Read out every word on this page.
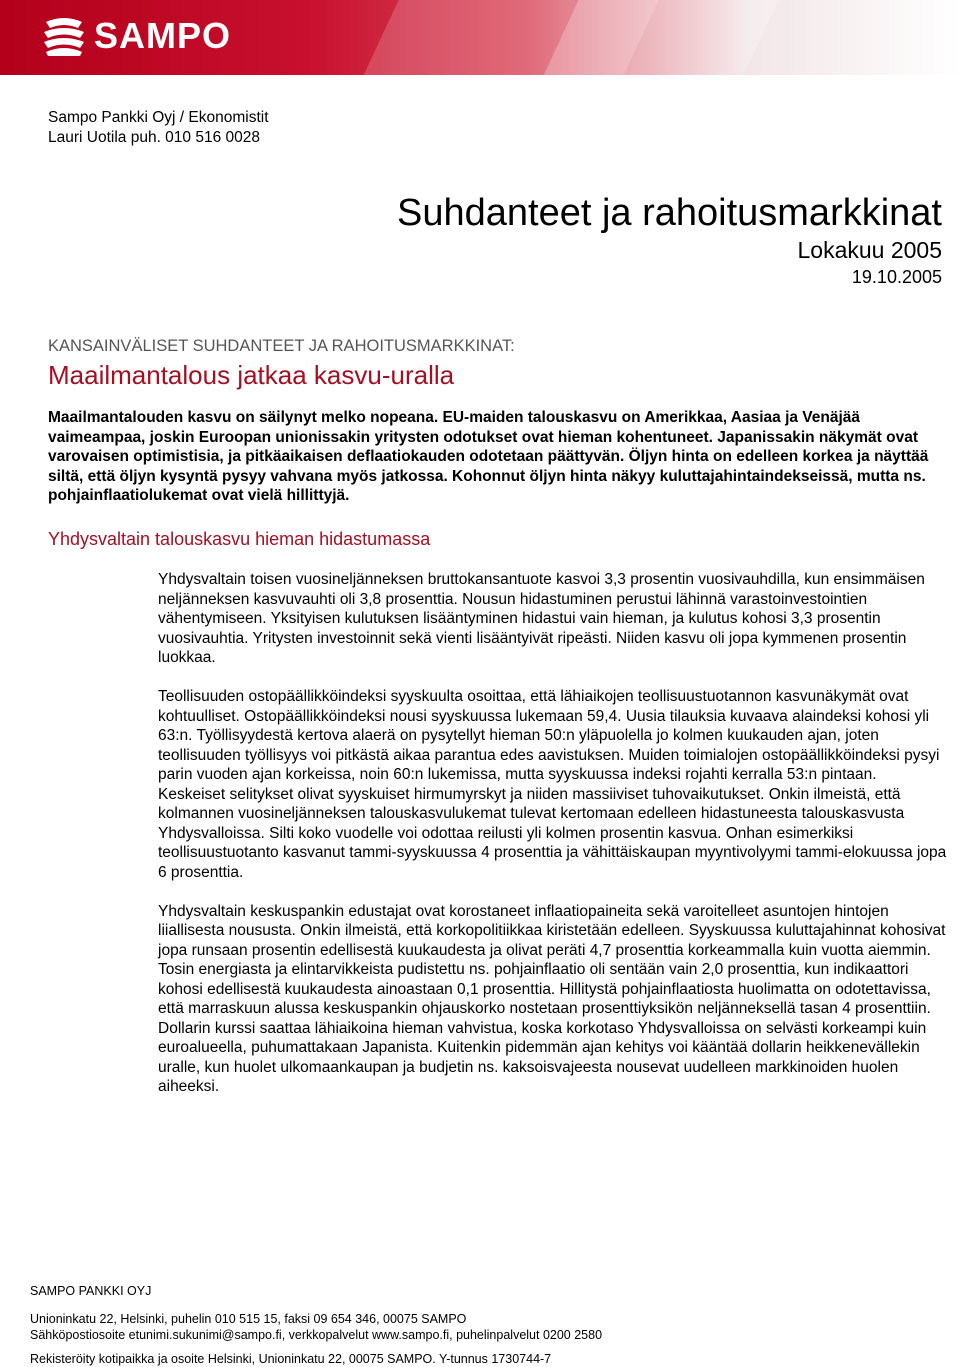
SAMPO
Sampo Pankki Oyj / Ekonomistit
Lauri Uotila puh. 010 516 0028
Suhdanteet ja rahoitusmarkkinat
Lokakuu 2005
19.10.2005
KANSAINVÄLISET SUHDANTEET JA RAHOITUSMARKKINAT:
Maailmantalous jatkaa kasvu-uralla
Maailmantalouden kasvu on säilynyt melko nopeana. EU-maiden talouskasvu on Amerikkaa, Aasiaa ja Venäjää vaimeampaa, joskin Euroopan unionissakin yritysten odotukset ovat hieman kohentuneet. Japanissakin näkymät ovat varovaisen optimistisia, ja pitkäaikaisen deflaatiokauden odotetaan päättyvän. Öljyn hinta on edelleen korkea ja näyttää siltä, että öljyn kysyntä pysyy vahvana myös jatkossa. Kohonnut öljyn hinta näkyy kuluttajahintaindekseissä, mutta ns. pohjainflaatiolukemat ovat vielä hillittyjä.
Yhdysvaltain talouskasvu hieman hidastumassa

Yhdysvaltain toisen vuosineljänneksen bruttokansantuote kasvoi 3,3 prosentin vuosivauhdilla, kun ensimmäisen neljänneksen kasvuvauhti oli 3,8 prosenttia. Nousun hidastuminen perustui lähinnä varastoinvestointien vähentymiseen. Yksityisen kulutuksen lisääntyminen hidastui vain hieman, ja kulutus kohosi 3,3 prosentin vuosivauhtia. Yritysten investoinnit sekä vienti lisääntyivät ripeästi. Niiden kasvu oli jopa kymmenen prosentin luokkaa.

Teollisuuden ostopäällikköindeksi syyskuulta osoittaa, että lähiaikojen teollisuustuotannon kasvunäkymät ovat kohtuulliset. Ostopäällikköindeksi nousi syyskuussa lukemaan 59,4. Uusia tilauksia kuvaava alaindeksi kohosi yli 63:n. Työllisyydestä kertova alaerä on pysytellyt hieman 50:n yläpuolella jo kolmen kuukauden ajan, joten teollisuuden työllisyys voi pitkästä aikaa parantua edes aavistuksen. Muiden toimialojen ostopäällikköindeksi pysyi parin vuoden ajan korkeissa, noin 60:n lukemissa, mutta syyskuussa indeksi rojahti kerralla 53:n pintaan. Keskeiset selitykset olivat syyskuiset hirmumyrskyt ja niiden massiiviset tuhovaikutukset. Onkin ilmeistä, että kolmannen vuosineljänneksen talouskasvulukemat tulevat kertomaan edelleen hidastuneesta talouskasvusta Yhdysvalloissa. Silti koko vuodelle voi odottaa reilusti yli kolmen prosentin kasvua. Onhan esimerkiksi teollisuustuotanto kasvanut tammi-syyskuussa 4 prosenttia ja vähittäiskaupan myyntivolyymi tammi-elokuussa jopa 6 prosenttia.

Yhdysvaltain keskuspankin edustajat ovat korostaneet inflaatiopaineita sekä varoitelleet asuntojen hintojen liiallisesta noususta. Onkin ilmeistä, että korkopolitiikkaa kiristetään edelleen. Syyskuussa kuluttajahinnat kohosivat jopa runsaan prosentin edellisestä kuukaudesta ja olivat peräti 4,7 prosenttia korkeammalla kuin vuotta aiemmin. Tosin energiasta ja elintarvikkeista pudistettu ns. pohjainflaatio oli sentään vain 2,0 prosenttia, kun indikaattori kohosi edellisestä kuukaudesta ainoastaan 0,1 prosenttia. Hillitystä pohjainflaatiosta huolimatta on odotettavissa, että marraskuun alussa keskuspankin ohjauskorko nostetaan prosenttiyksikön neljänneksellä tasan 4 prosenttiin. Dollarin kurssi saattaa lähiaikoina hieman vahvistua, koska korkotaso Yhdysvalloissa on selvästi korkeampi kuin euroalueella, puhumattakaan Japanista. Kuitenkin pidemmän ajan kehitys voi kääntää dollarin heikkenevällekin uralle, kun huolet ulkomaankaupan ja budjetin ns. kaksoisvajeesta nousevat uudelleen markkinoiden huolen aiheeksi.

SAMPO PANKKI OYJ
Unioninkatu 22, Helsinki, puhelin 010 515 15, faksi 09 654 346, 00075 SAMPO
Sähköpostiosoite etunimi.sukunimi@sampo.fi, verkkopalvelut www.sampo.fi, puhelinpalvelut 0200 2580
Rekisteröity kotipaikka ja osoite Helsinki, Unioninkatu 22, 00075 SAMPO. Y-tunnus 1730744-7
